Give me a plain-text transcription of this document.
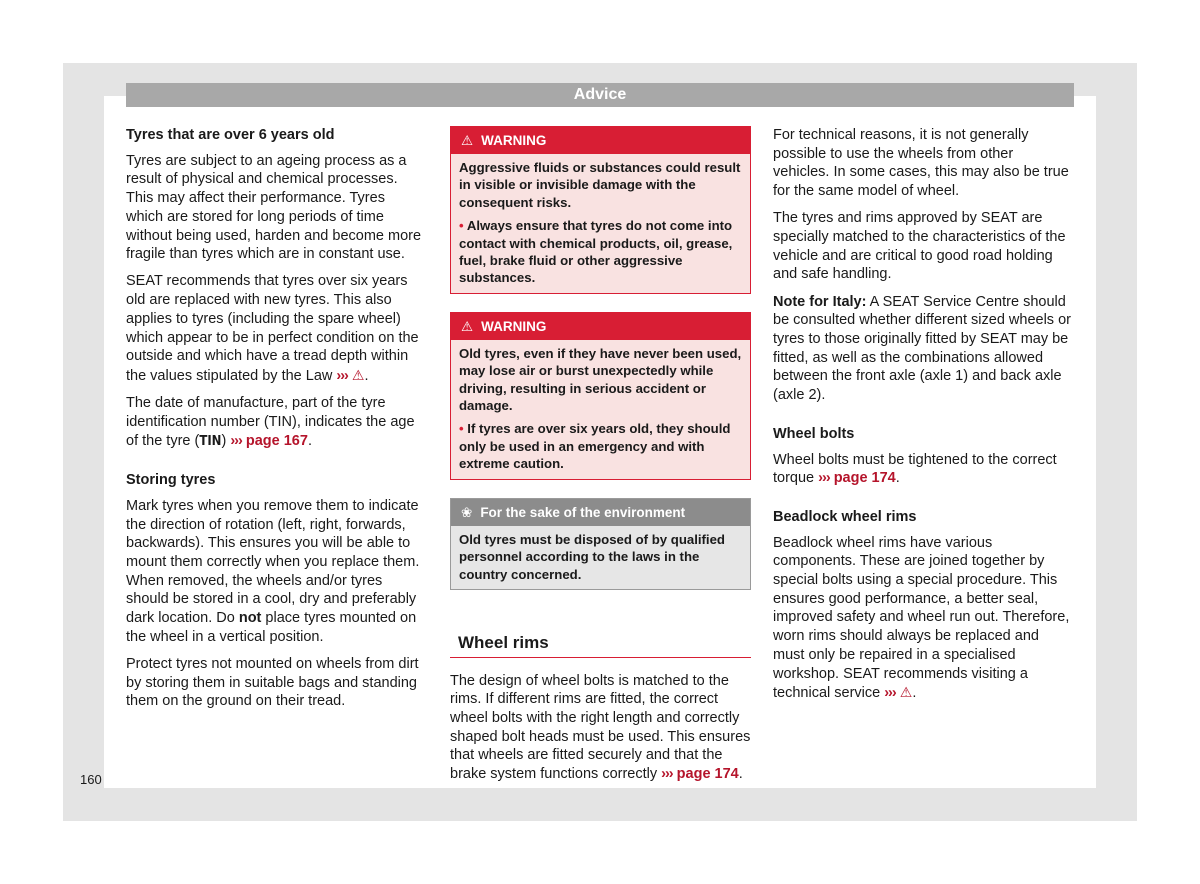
Advice
Tyres that are over 6 years old

Tyres are subject to an ageing process as a result of physical and chemical processes. This may affect their performance. Tyres which are stored for long periods of time without being used, harden and become more fragile than tyres which are in constant use.

SEAT recommends that tyres over six years old are replaced with new tyres. This also applies to tyres (including the spare wheel) which appear to be in perfect condition on the outside and which have a tread depth within the values stipulated by the Law ››› ⚠.

The date of manufacture, part of the tyre identification number (TIN), indicates the age of the tyre (TIN) ››› page 167.

Storing tyres

Mark tyres when you remove them to indicate the direction of rotation (left, right, forwards, backwards). This ensures you will be able to mount them correctly when you replace them. When removed, the wheels and/or tyres should be stored in a cool, dry and preferably dark location. Do not place tyres mounted on the wheel in a vertical position.

Protect tyres not mounted on wheels from dirt by storing them in suitable bags and standing them on the ground on their tread.

⚠ WARNING

Aggressive fluids or substances could result in visible or invisible damage with the consequent risks.

• Always ensure that tyres do not come into contact with chemical products, oil, grease, fuel, brake fluid or other aggressive substances.

⚠ WARNING

Old tyres, even if they have never been used, may lose air or burst unexpectedly while driving, resulting in serious accident or damage.

• If tyres are over six years old, they should only be used in an emergency and with extreme caution.

❀ For the sake of the environment

Old tyres must be disposed of by qualified personnel according to the laws in the country concerned.

Wheel rims

The design of wheel bolts is matched to the rims. If different rims are fitted, the correct wheel bolts with the right length and correctly shaped bolt heads must be used. This ensures that wheels are fitted securely and that the brake system functions correctly ››› page 174.

For technical reasons, it is not generally possible to use the wheels from other vehicles. In some cases, this may also be true for the same model of wheel.

The tyres and rims approved by SEAT are specially matched to the characteristics of the vehicle and are critical to good road holding and safe handling.

Note for Italy: A SEAT Service Centre should be consulted whether different sized wheels or tyres to those originally fitted by SEAT may be fitted, as well as the combinations allowed between the front axle (axle 1) and back axle (axle 2).

Wheel bolts

Wheel bolts must be tightened to the correct torque ››› page 174.

Beadlock wheel rims

Beadlock wheel rims have various components. These are joined together by special bolts using a special procedure. This ensures good performance, a better seal, improved safety and wheel run out. Therefore, worn rims should always be replaced and must only be repaired in a specialised workshop. SEAT recommends visiting a technical service ››› ⚠.

160
